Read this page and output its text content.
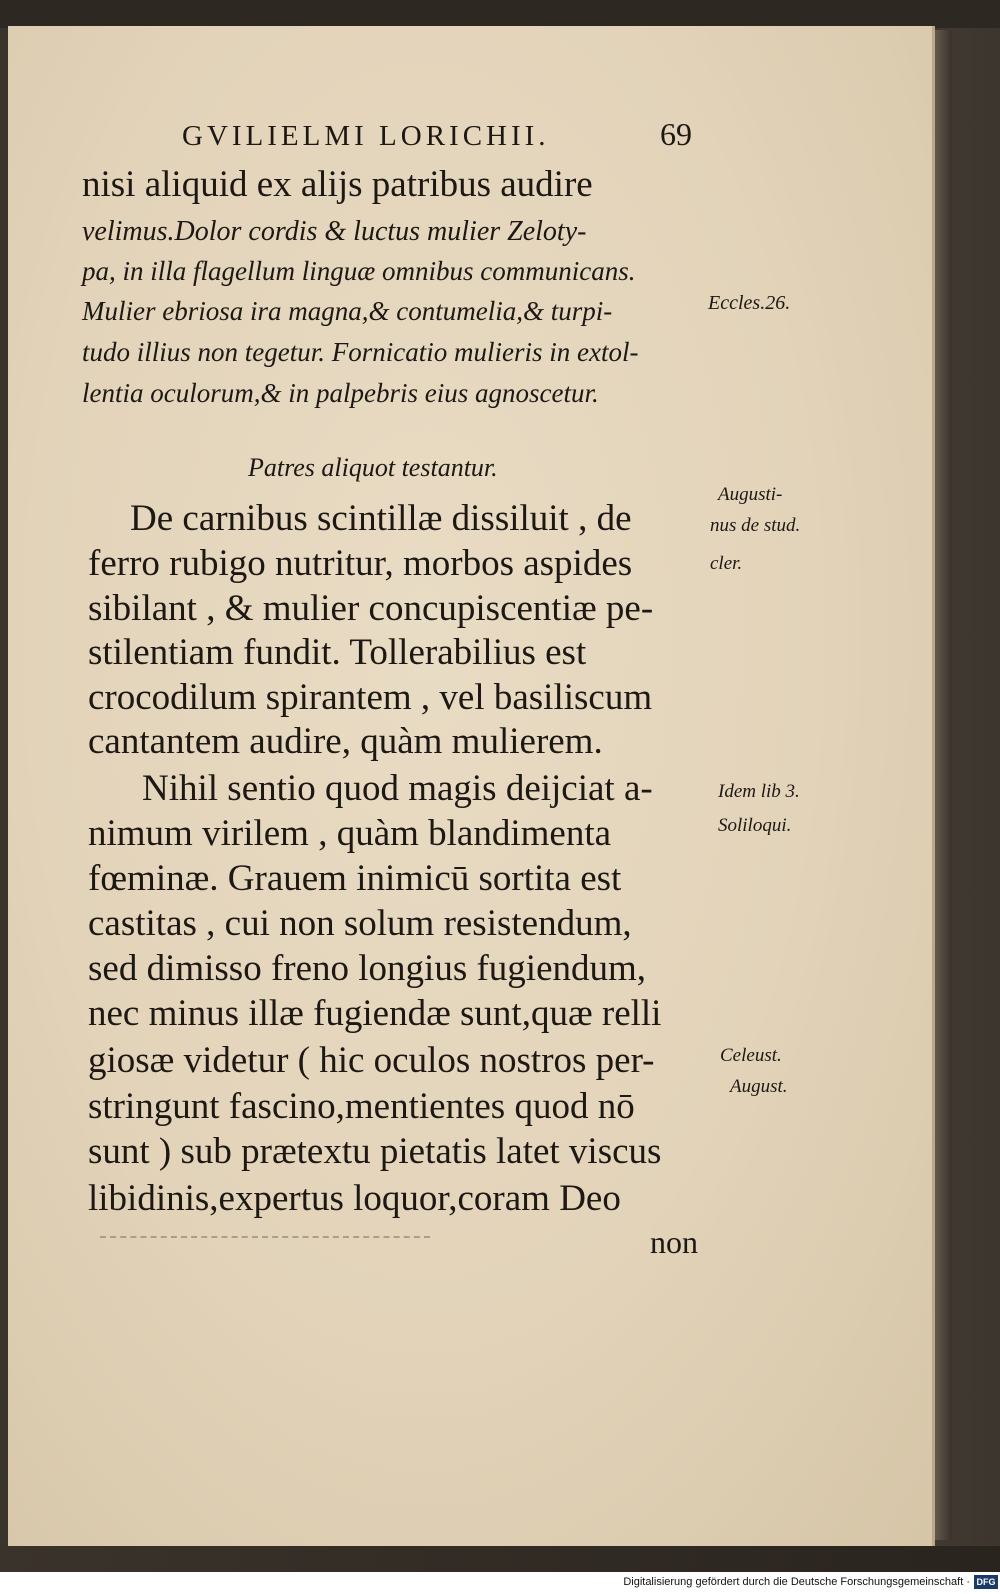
GVILIELMI LORICHII.	69
nisi aliquid ex alijs patribus audire
velimus.Dolor cordis & luctus mulier Zeloty-
pa, in illa flagellum linguæ omnibus communicans.
Mulier ebriosa ira magna,& contumelia,& turpi-
tudo illius non tegetur. Fornicatio mulieris in extol-
lentia oculorum,& in palpebris eius agnoscetur.
Patres aliquot testantur.
De carnibus scintillæ dissiluit , de
ferro rubigo nutritur, morbos aspides
sibilant , & mulier concupiscentiæ pe-
stilentiam fundit. Tollerabilius est
crocodilum spirantem , vel basiliscum
cantantem audire, quàm mulierem.
Nihil sentio quod magis deijciat a-
nimum virilem , quàm blandimenta
fœminæ. Grauem inimicū sortita est
castitas , cui non solum resistendum,
sed dimisso freno longius fugiendum,
nec minus illæ fugiendæ sunt,quæ relli
giosæ videtur ( hic oculos nostros per-
stringunt fascino,mentientes quod nō
sunt ) sub prætextu pietatis latet viscus
libidinis,expertus loquor,coram Deo
non
Eccles.26.
Augusti-
nus de stud.
cler.
Idem lib 3.
Soliloqui.
Celeust.
August.
Digitalisierung gefördert durch die Deutsche Forschungsgemeinschaft · DFG
